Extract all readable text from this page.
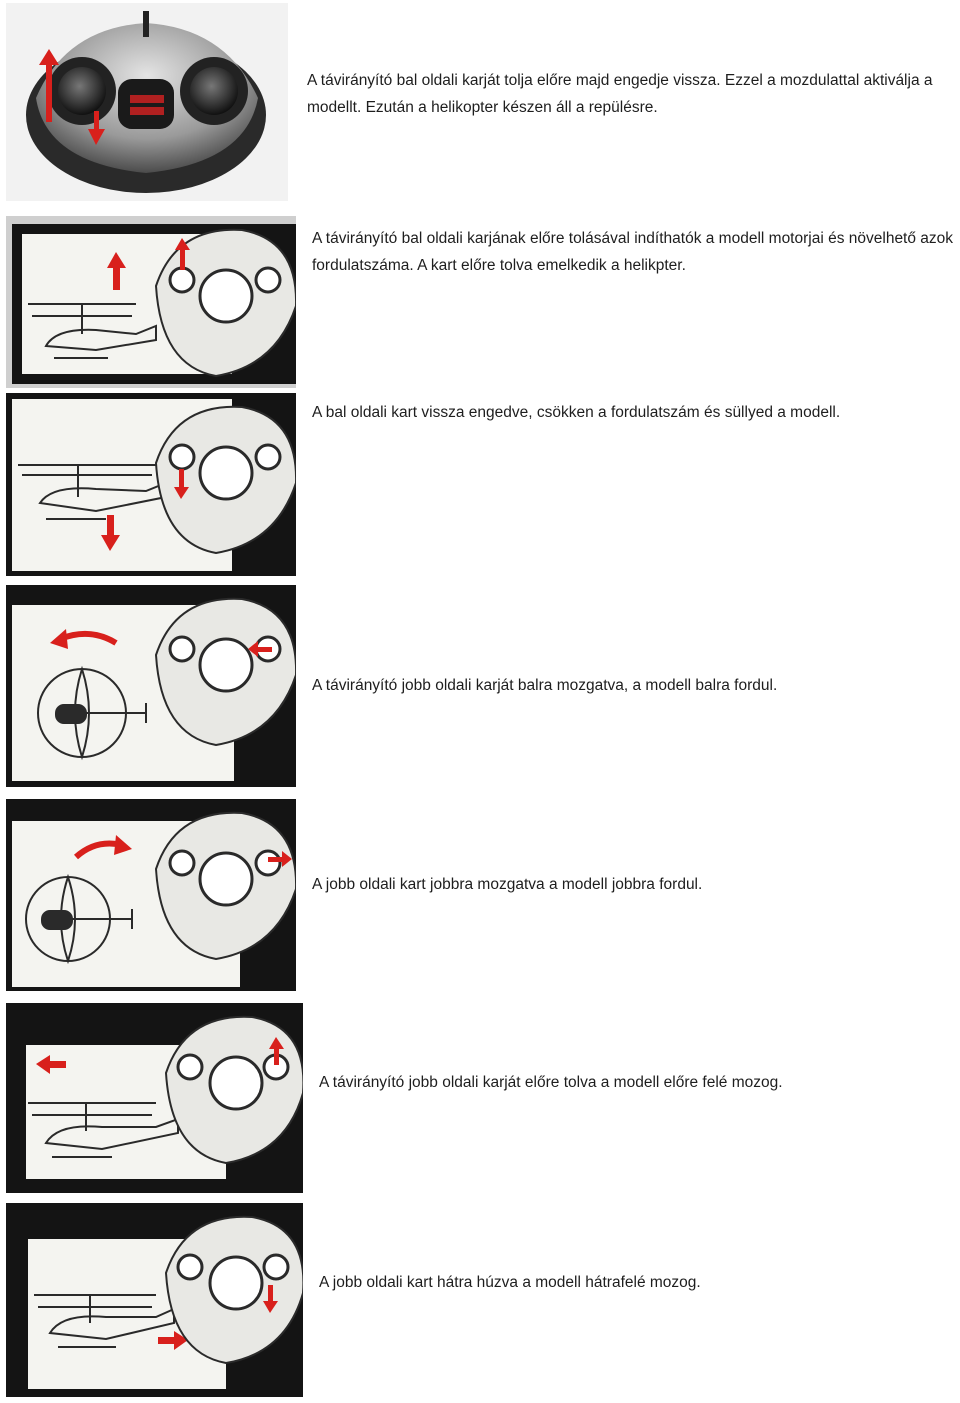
A távirányító bal oldali karját tolja előre majd engedje vissza. Ezzel a mozdulattal aktiválja a modellt. Ezután a helikopter készen áll a repülésre.
A távirányító bal oldali karjának előre tolásával indíthatók a modell motorjai és növelhető azok fordulatszáma. A kart előre tolva emelkedik a helikpter.
A bal oldali kart vissza engedve, csökken a fordulatszám és süllyed a modell.
A távirányító jobb oldali karját balra mozgatva, a modell balra fordul.
A jobb oldali kart jobbra mozgatva a modell jobbra fordul.
A távirányító jobb oldali karját előre tolva a modell előre felé mozog.
A jobb oldali kart hátra húzva a modell hátrafelé mozog.
